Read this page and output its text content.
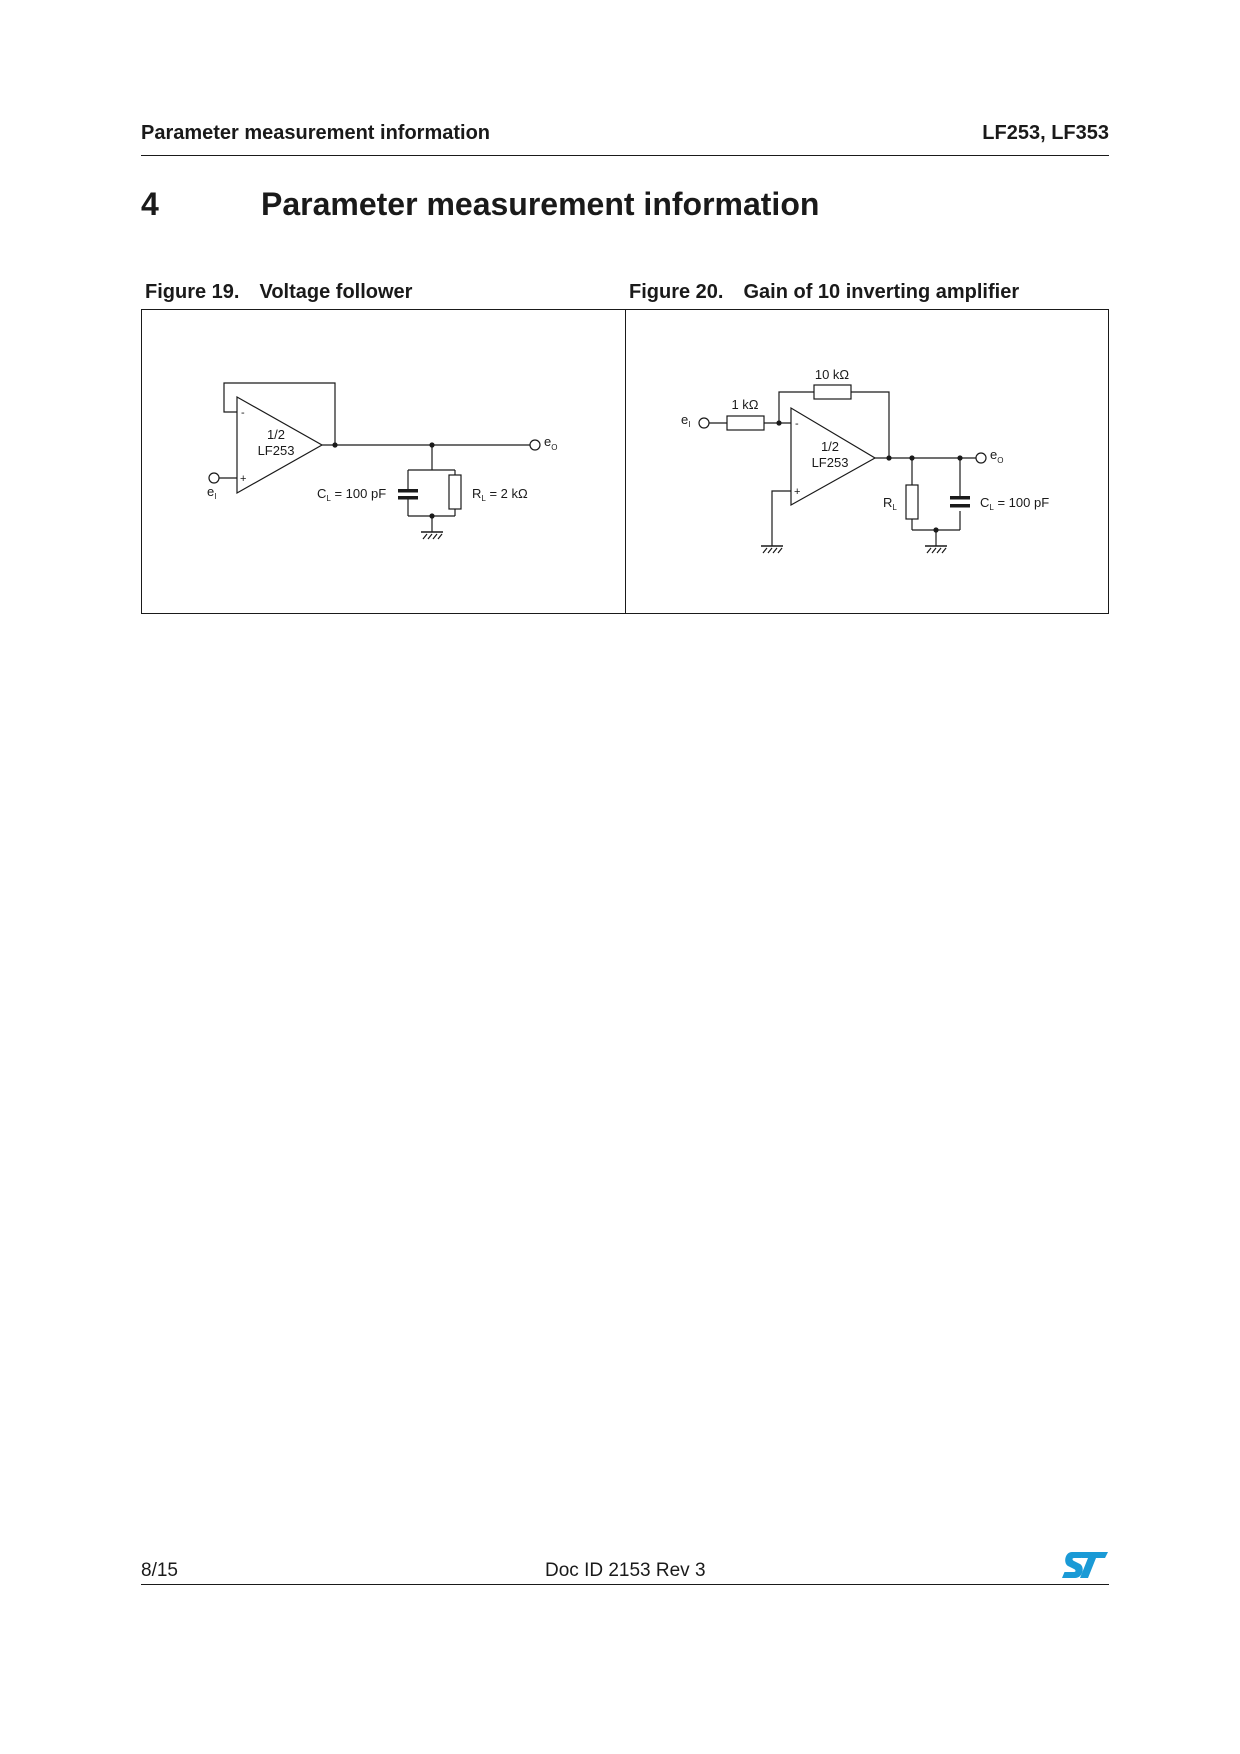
Parameter measurement information	LF253, LF353
4	Parameter measurement information
Figure 19. Voltage follower	Figure 20. Gain of 10 inverting amplifier
-
+
1/2
LF253
$e_I$
$e_O$
$C_L = 100$ pF	$R_L = 2$ kΩ
-
+
1/2
LF253
1 kΩ
10 kΩ
$e_I$
$e_O$
$R_L$	$C_L = 100$ pF
8/15	Doc ID 2153 Rev 3
